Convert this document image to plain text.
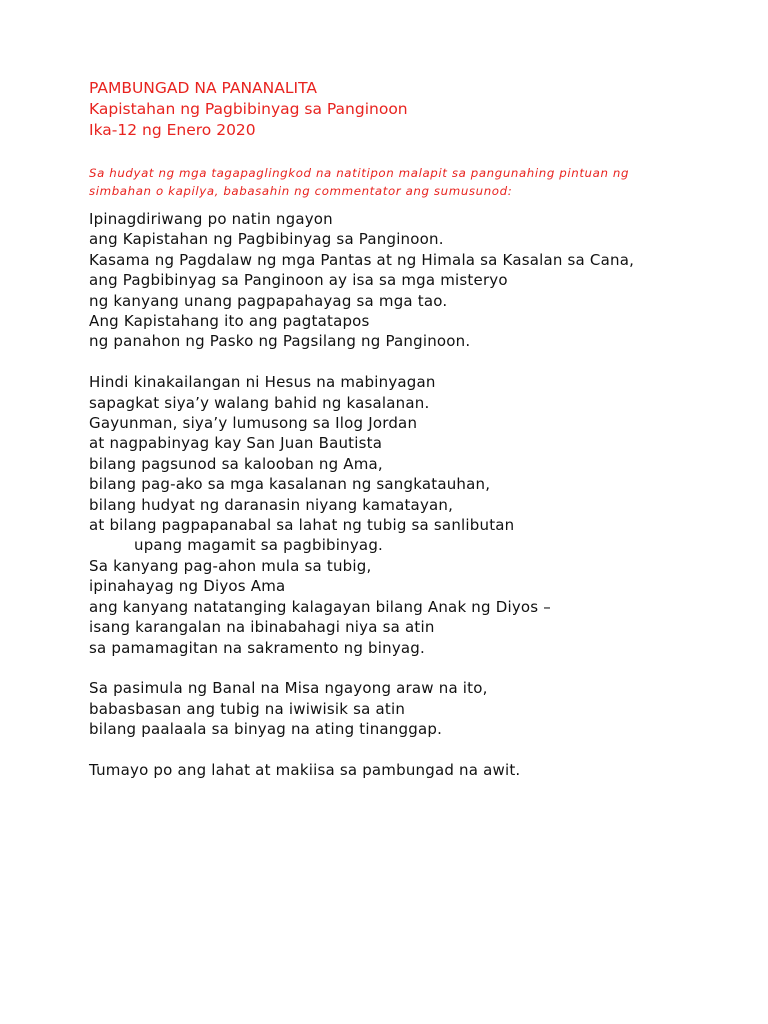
PAMBUNGAD NA PANANALITA
Kapistahan ng Pagbibinyag sa Panginoon
Ika-12 ng Enero 2020
Sa hudyat ng mga tagapaglingkod na natitipon malapit sa pangunahing pintuan ng simbahan o kapilya, babasahin ng commentator ang sumusunod:
Ipinagdiriwang po natin ngayon
ang Kapistahan ng Pagbibinyag sa Panginoon.
Kasama ng Pagdalaw ng mga Pantas at ng Himala sa Kasalan sa Cana,
ang Pagbibinyag sa Panginoon ay isa sa mga misteryo
ng kanyang unang pagpapahayag sa mga tao.
Ang Kapistahang ito ang pagtatapos
ng panahon ng Pasko ng Pagsilang ng Panginoon.
Hindi kinakailangan ni Hesus na mabinyagan
sapagkat siya’y walang bahid ng kasalanan.
Gayunman, siya’y lumusong sa Ilog Jordan
at nagpabinyag kay San Juan Bautista
bilang pagsunod sa kalooban ng Ama,
bilang pag-ako sa mga kasalanan ng sangkatauhan,
bilang hudyat ng daranasin niyang kamatayan,
at bilang pagpapanabal sa lahat ng tubig sa sanlibutan
upang magamit sa pagbibinyag.
Sa kanyang pag-ahon mula sa tubig,
ipinahayag ng Diyos Ama
ang kanyang natatanging kalagayan bilang Anak ng Diyos –
isang karangalan na ibinabahagi niya sa atin
sa pamamagitan na sakramento ng binyag.
Sa pasimula ng Banal na Misa ngayong araw na ito,
babasbasan ang tubig na iwiwisik sa atin
bilang paalaala sa binyag na ating tinanggap.
Tumayo po ang lahat at makiisa sa pambungad na awit.
